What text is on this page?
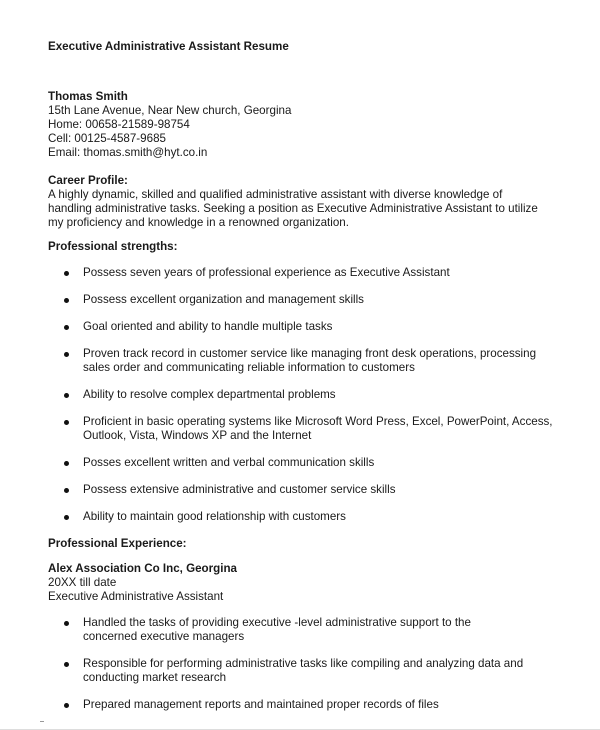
Executive Administrative Assistant Resume

Thomas Smith

15th Lane Avenue, Near New church, Georgina

Home: 00658-21589-98754

Cell: 00125-4587-9685

Email: thomas.smith@hyt.co.in

Career Profile:

A highly dynamic, skilled and qualified administrative assistant with diverse knowledge of handling administrative tasks. Seeking a position as Executive Administrative Assistant to utilize my proficiency and knowledge in a renowned organization.

Professional strengths:

Possess seven years of professional experience as Executive Assistant
Possess excellent organization and management skills
Goal oriented and ability to handle multiple tasks
Proven track record in customer service like managing front desk operations, processing sales order and communicating reliable information to customers
Ability to resolve complex departmental problems
Proficient in basic operating systems like Microsoft Word Press, Excel, PowerPoint, Access, Outlook, Vista, Windows XP and the Internet
Posses excellent written and verbal communication skills
Possess extensive administrative and customer service skills
Ability to maintain good relationship with customers

Professional Experience:

Alex Association Co Inc, Georgina

20XX till date

Executive Administrative Assistant

Handled the tasks of providing executive -level administrative support to the concerned executive managers
Responsible for performing administrative tasks like compiling and analyzing data and conducting market research
Prepared management reports and maintained proper records of files
